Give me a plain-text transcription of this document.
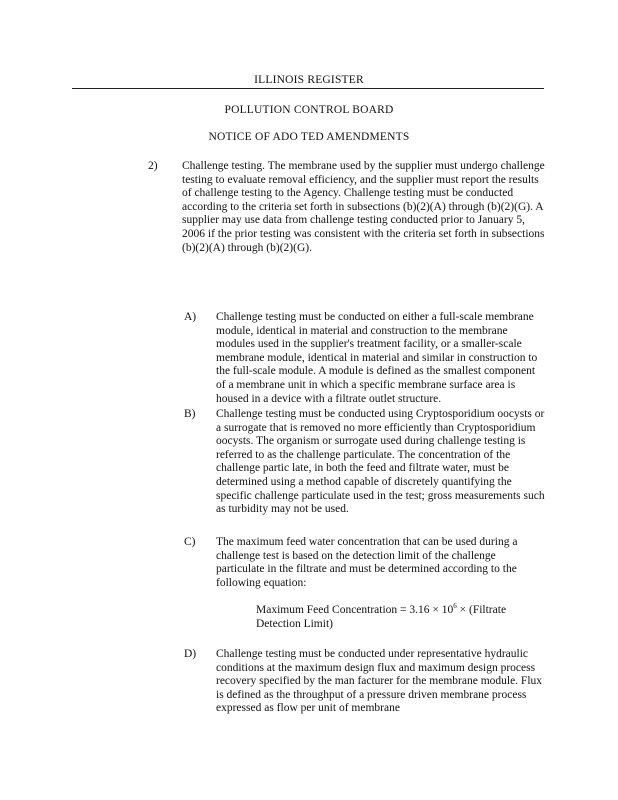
ILLINOIS REGISTER
POLLUTION CONTROL BOARD
NOTICE OF ADO TED AMENDMENTS
2) Challenge testing. The membrane used by the supplier must undergo challenge testing to evaluate removal efficiency, and the supplier must report the results of challenge testing to the Agency. Challenge testing must be conducted according to the criteria set forth in subsections (b)(2)(A) through (b)(2)(G). A supplier may use data from challenge testing conducted prior to January 5, 2006 if the prior testing was consistent with the criteria set forth in subsections (b)(2)(A) through (b)(2)(G).
A) Challenge testing must be conducted on either a full-scale membrane module, identical in material and construction to the membrane modules used in the supplier's treatment facility, or a smaller-scale membrane module, identical in material and similar in construction to the full-scale module. A module is defined as the smallest component of a membrane unit in which a specific membrane surface area is housed in a device with a filtrate outlet structure.
B) Challenge testing must be conducted using Cryptosporidium oocysts or a surrogate that is removed no more efficiently than Cryptosporidium oocysts. The organism or surrogate used during challenge testing is referred to as the challenge particulate. The concentration of the challenge partic late, in both the feed and filtrate water, must be determined using a method capable of discretely quantifying the specific challenge particulate used in the test; gross measurements such as turbidity may not be used.
C) The maximum feed water concentration that can be used during a challenge test is based on the detection limit of the challenge particulate in the filtrate and must be determined according to the following equation:
Maximum Feed Concentration = $3.16 \times 10^6$ × (Filtrate Detection Limit)
D) Challenge testing must be conducted under representative hydraulic conditions at the maximum design flux and maximum design process recovery specified by the man facturer for the membrane module. Flux is defined as the throughput of a pressure driven membrane process expressed as flow per unit of membrane
